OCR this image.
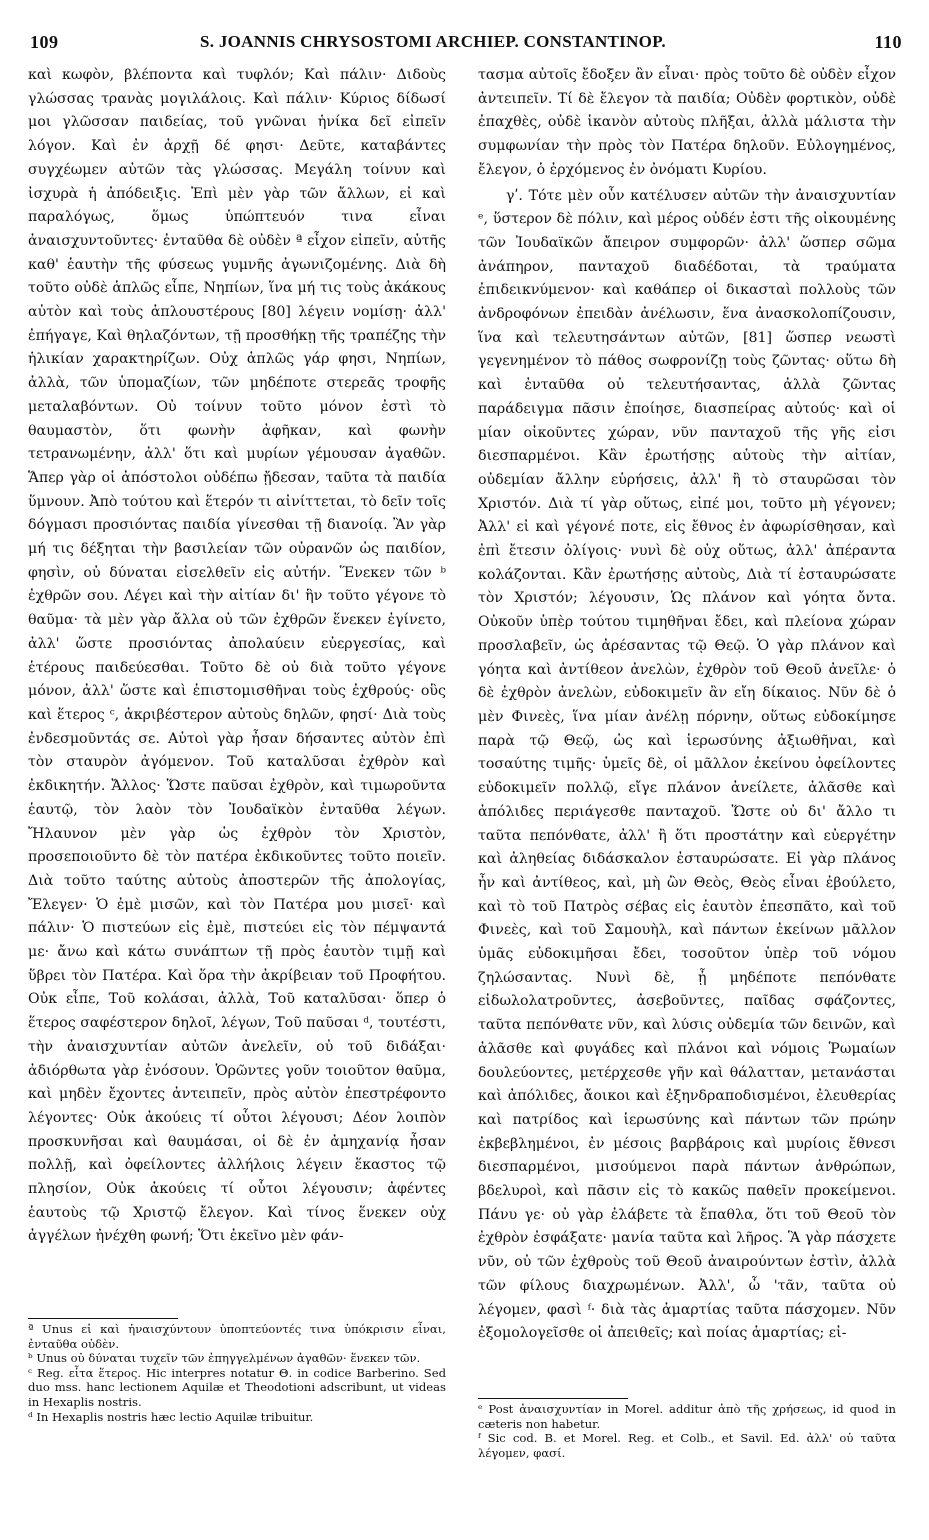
109	S. JOANNIS CHRYSOSTOMI ARCHIEP. CONSTANTINOP.	110

καὶ κωφὸν, βλέποντα καὶ τυφλόν; Καὶ πάλιν· Διδοὺς γλώσσας τρανὰς μογιλάλοις. Καὶ πάλιν· Κύριος δίδωσί μοι γλῶσσαν παιδείας, τοῦ γνῶναι ἡνίκα δεῖ εἰπεῖν λόγον. Καὶ ἐν ἀρχῇ δέ φησι· Δεῦτε, καταβάντες συγχέωμεν αὐτῶν τὰς γλώσσας. Μεγάλη τοίνυν καὶ ἰσχυρὰ ἡ ἀπόδειξις. Ἐπὶ μὲν γὰρ τῶν ἄλλων, εἰ καὶ παραλόγως, ὅμως ὑπώπτευόν τινα εἶναι ἀναισχυντοῦντες· ἐνταῦθα δὲ οὐδὲν ª εἶχον εἰπεῖν, αὐτῆς καθ' ἑαυτὴν τῆς φύσεως γυμνῆς ἀγωνιζομένης. Διὰ δὴ τοῦτο οὐδὲ ἁπλῶς εἶπε, Νηπίων, ἵνα μή τις τοὺς ἀκάκους αὐτὸν καὶ τοὺς ἁπλουστέρους [80] λέγειν νομίσῃ· ἀλλ' ἐπήγαγε, Καὶ θηλαζόντων, τῇ προσθήκῃ τῆς τραπέζης τὴν ἡλικίαν χαρακτηρίζων. Οὐχ ἁπλῶς γάρ φησι, Νηπίων, ἀλλὰ, τῶν ὑπομαζίων, τῶν μηδέποτε στερεᾶς τροφῆς μεταλαβόντων. Οὐ τοίνυν τοῦτο μόνον ἐστὶ τὸ θαυμαστὸν, ὅτι φωνὴν ἀφῆκαν, καὶ φωνὴν τετρανωμένην, ἀλλ' ὅτι καὶ μυρίων γέμουσαν ἀγαθῶν. Ἅπερ γὰρ οἱ ἀπόστολοι οὐδέπω ᾔδεσαν, ταῦτα τὰ παιδία ὕμνουν. Ἀπὸ τούτου καὶ ἕτερόν τι αἰνίττεται, τὸ δεῖν τοῖς δόγμασι προσιόντας παιδία γίνεσθαι τῇ διανοίᾳ. Ἂν γὰρ μή τις δέξηται τὴν βασιλείαν τῶν οὐρανῶν ὡς παιδίον, φησὶν, οὐ δύναται εἰσελθεῖν εἰς αὐτήν. Ἕνεκεν τῶν ᵇ ἐχθρῶν σου. Λέγει καὶ τὴν αἰτίαν δι' ἣν τοῦτο γέγονε τὸ θαῦμα· τὰ μὲν γὰρ ἄλλα οὐ τῶν ἐχθρῶν ἕνεκεν ἐγίνετο, ἀλλ' ὥστε προσιόντας ἀπολαύειν εὐεργεσίας, καὶ ἑτέρους παιδεύεσθαι. Τοῦτο δὲ οὐ διὰ τοῦτο γέγονε μόνον, ἀλλ' ὥστε καὶ ἐπιστομισθῆναι τοὺς ἐχθρούς· οὓς καὶ ἕτερος ᶜ, ἀκριβέστερον αὐτοὺς δηλῶν, φησί· Διὰ τοὺς ἐνδεσμοῦντάς σε. Αὐτοὶ γὰρ ἦσαν δήσαντες αὐτὸν ἐπὶ τὸν σταυρὸν ἀγόμενον. Τοῦ καταλῦσαι ἐχθρὸν καὶ ἐκδικητήν. Ἄλλος· Ὥστε παῦσαι ἐχθρὸν, καὶ τιμωροῦντα ἑαυτῷ, τὸν λαὸν τὸν Ἰουδαϊκὸν ἐνταῦθα λέγων. Ἤλαυνον μὲν γὰρ ὡς ἐχθρὸν τὸν Χριστὸν, προσεποιοῦντο δὲ τὸν πατέρα ἐκδικοῦντες τοῦτο ποιεῖν. Διὰ τοῦτο ταύτης αὐτοὺς ἀποστερῶν τῆς ἀπολογίας, Ἔλεγεν· Ὁ ἐμὲ μισῶν, καὶ τὸν Πατέρα μου μισεῖ· καὶ πάλιν· Ὁ πιστεύων εἰς ἐμὲ, πιστεύει εἰς τὸν πέμψαντά με· ἄνω καὶ κάτω συνάπτων τῇ πρὸς ἑαυτὸν τιμῇ καὶ ὕβρει τὸν Πατέρα. Καὶ ὅρα τὴν ἀκρίβειαν τοῦ Προφήτου. Οὐκ εἶπε, Τοῦ κολάσαι, ἀλλὰ, Τοῦ καταλῦσαι· ὅπερ ὁ ἕτερος σαφέστερον δηλοῖ, λέγων, Τοῦ παῦσαι ᵈ, τουτέστι, τὴν ἀναισχυντίαν αὐτῶν ἀνελεῖν, οὐ τοῦ διδάξαι· ἀδιόρθωτα γὰρ ἐνόσουν. Ὁρῶντες γοῦν τοιοῦτον θαῦμα, καὶ μηδὲν ἔχοντες ἀντειπεῖν, πρὸς αὐτὸν ἐπεστρέφοντο λέγοντες· Οὐκ ἀκούεις τί οὗτοι λέγουσι; Δέον λοιπὸν προσκυνῆσαι καὶ θαυμάσαι, οἱ δὲ ἐν ἀμηχανίᾳ ἦσαν πολλῇ, καὶ ὀφείλοντες ἀλλήλοις λέγειν ἕκαστος τῷ πλησίον, Οὐκ ἀκούεις τί οὗτοι λέγουσιν; ἀφέντες ἑαυτοὺς τῷ Χριστῷ ἔλεγον. Καὶ τίνος ἕνεκεν οὐχ ἀγγέλων ἠνέχθη φωνή; Ὅτι ἐκεῖνο μὲν φάν-

τασμα αὐτοῖς ἔδοξεν ἂν εἶναι· πρὸς τοῦτο δὲ οὐδὲν εἶχον ἀντειπεῖν. Τί δὲ ἔλεγον τὰ παιδία; Οὐδὲν φορτικὸν, οὐδὲ ἐπαχθὲς, οὐδὲ ἱκανὸν αὐτοὺς πλῆξαι, ἀλλὰ μάλιστα τὴν συμφωνίαν τὴν πρὸς τὸν Πατέρα δηλοῦν. Εὐλογημένος, ἔλεγον, ὁ ἐρχόμενος ἐν ὀνόματι Κυρίου.

γʹ. Τότε μὲν οὖν κατέλυσεν αὐτῶν τὴν ἀναισχυντίαν ᵉ, ὕστερον δὲ πόλιν, καὶ μέρος οὐδέν ἐστι τῆς οἰκουμένης τῶν Ἰουδαϊκῶν ἄπειρον συμφορῶν· ἀλλ' ὥσπερ σῶμα ἀνάπηρον, πανταχοῦ διαδέδοται, τὰ τραύματα ἐπιδεικνύμενον· καὶ καθάπερ οἱ δικασταὶ πολλοὺς τῶν ἀνδροφόνων ἐπειδὰν ἀνέλωσιν, ἕνα ἀνασκολοπίζουσιν, ἵνα καὶ τελευτησάντων αὐτῶν, [81] ὥσπερ νεωστὶ γεγενημένον τὸ πάθος σωφρονίζῃ τοὺς ζῶντας· οὕτω δὴ καὶ ἐνταῦθα οὐ τελευτήσαντας, ἀλλὰ ζῶντας παράδειγμα πᾶσιν ἐποίησε, διασπείρας αὐτούς· καὶ οἱ μίαν οἰκοῦντες χώραν, νῦν πανταχοῦ τῆς γῆς εἰσι διεσπαρμένοι. Κἂν ἐρωτήσῃς αὐτοὺς τὴν αἰτίαν, οὐδεμίαν ἄλλην εὑρήσεις, ἀλλ' ἢ τὸ σταυρῶσαι τὸν Χριστόν. Διὰ τί γὰρ οὕτως, εἰπέ μοι, τοῦτο μὴ γέγονεν; Ἀλλ' εἰ καὶ γέγονέ ποτε, εἰς ἔθνος ἐν ἀφωρίσθησαν, καὶ ἐπὶ ἔτεσιν ὀλίγοις· νυνὶ δὲ οὐχ οὕτως, ἀλλ' ἀπέραντα κολάζονται. Κἂν ἐρωτήσῃς αὐτοὺς, Διὰ τί ἐσταυρώσατε τὸν Χριστόν; λέγουσιν, Ὡς πλάνον καὶ γόητα ὄντα. Οὐκοῦν ὑπὲρ τούτου τιμηθῆναι ἔδει, καὶ πλείονα χώραν προσλαβεῖν, ὡς ἀρέσαντας τῷ Θεῷ. Ὁ γὰρ πλάνον καὶ γόητα καὶ ἀντίθεον ἀνελὼν, ἐχθρὸν τοῦ Θεοῦ ἀνεῖλε· ὁ δὲ ἐχθρὸν ἀνελὼν, εὐδοκιμεῖν ἂν εἴη δίκαιος. Νῦν δὲ ὁ μὲν Φινεὲς, ἵνα μίαν ἀνέλῃ πόρνην, οὕτως εὐδοκίμησε παρὰ τῷ Θεῷ, ὡς καὶ ἱερωσύνης ἀξιωθῆναι, καὶ τοσαύτης τιμῆς· ὑμεῖς δὲ, οἱ μᾶλλον ἐκείνου ὀφείλοντες εὐδοκιμεῖν πολλῷ, εἴγε πλάνον ἀνείλετε, ἀλᾶσθε καὶ ἀπόλιδες περιάγεσθε πανταχοῦ. Ὥστε οὐ δι' ἄλλο τι ταῦτα πεπόνθατε, ἀλλ' ἢ ὅτι προστάτην καὶ εὐεργέτην καὶ ἀληθείας διδάσκαλον ἐσταυρώσατε. Εἰ γὰρ πλάνος ἦν καὶ ἀντίθεος, καὶ, μὴ ὢν Θεὸς, Θεὸς εἶναι ἐβούλετο, καὶ τὸ τοῦ Πατρὸς σέβας εἰς ἑαυτὸν ἐπεσπᾶτο, καὶ τοῦ Φινεὲς, καὶ τοῦ Σαμουὴλ, καὶ πάντων ἐκείνων μᾶλλον ὑμᾶς εὐδοκιμῆσαι ἔδει, τοσοῦτον ὑπὲρ τοῦ νόμου ζηλώσαντας. Νυνὶ δὲ, ᾗ μηδέποτε πεπόνθατε εἰδωλολατροῦντες, ἀσεβοῦντες, παῖδας σφάζοντες, ταῦτα πεπόνθατε νῦν, καὶ λύσις οὐδεμία τῶν δεινῶν, καὶ ἀλᾶσθε καὶ φυγάδες καὶ πλάνοι καὶ νόμοις Ῥωμαίων δουλεύοντες, μετέρχεσθε γῆν καὶ θάλατταν, μετανάσται καὶ ἀπόλιδες, ἄοικοι καὶ ἐξηνδραποδισμένοι, ἐλευθερίας καὶ πατρίδος καὶ ἱερωσύνης καὶ πάντων τῶν πρώην ἐκβεβλημένοι, ἐν μέσοις βαρβάροις καὶ μυρίοις ἔθνεσι διεσπαρμένοι, μισούμενοι παρὰ πάντων ἀνθρώπων, βδελυροὶ, καὶ πᾶσιν εἰς τὸ κακῶς παθεῖν προκείμενοι. Πάνυ γε· οὐ γὰρ ἐλάβετε τὰ ἔπαθλα, ὅτι τοῦ Θεοῦ τὸν ἐχθρὸν ἐσφάξατε· μανία ταῦτα καὶ λῆρος. Ἃ γὰρ πάσχετε νῦν, οὐ τῶν ἐχθροὺς τοῦ Θεοῦ ἀναιρούντων ἐστὶν, ἀλλὰ τῶν φίλους διαχρωμένων. Ἀλλ', ὦ 'τᾶν, ταῦτα οὐ λέγομεν, φασὶ ᶠ· διὰ τὰς ἁμαρτίας ταῦτα πάσχομεν. Νῦν ἐξομολογεῖσθε οἱ ἀπειθεῖς; καὶ ποίας ἁμαρτίας; εἰ-

ª Unus εἰ καὶ ἠναισχύντουν ὑποπτεύοντές τινα ὑπόκρισιν εἶναι, ἐνταῦθα οὐδὲν.

ᵇ Unus οὐ δύναται τυχεῖν τῶν ἐπηγγελμένων ἀγαθῶν· ἕνεκεν τῶν.

ᶜ Reg. εἶτα ἕτερος. Hic interpres notatur Θ. in codice Barberino. Sed duo mss. hanc lectionem Aquilæ et Theodotioni adscribunt, ut videas in Hexaplis nostris.

ᵈ In Hexaplis nostris hæc lectio Aquilæ tribuitur.

ᵉ Post ἀναισχυντίαν in Morel. additur ἀπὸ τῆς χρήσεως, id quod in cæteris non habetur.

ᶠ Sic cod. B. et Morel. Reg. et Colb., et Savil. Ed. ἀλλ' οὐ ταῦτα λέγομεν, φασί.
